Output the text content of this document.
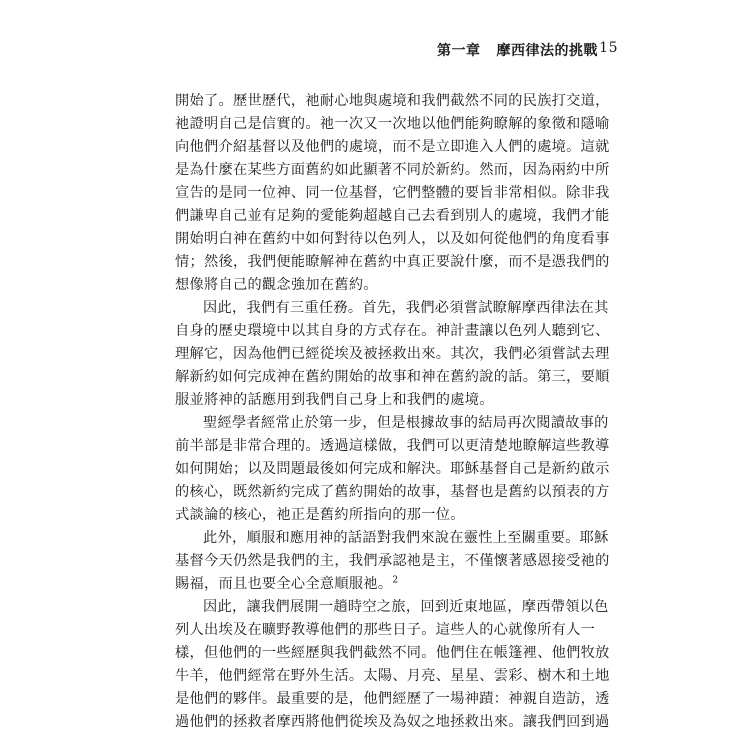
第一章 摩西律法的挑戰 15
開始了。歷世歷代，祂耐心地與處境和我們截然不同的民族打交道，
祂證明自己是信實的。祂一次又一次地以他們能夠瞭解的象徵和隱喻
向他們介紹基督以及他們的處境，而不是立即進入人們的處境。這就
是為什麼在某些方面舊約如此顯著不同於新約。然而，因為兩約中所
宣告的是同一位神、同一位基督，它們整體的要旨非常相似。除非我
們謙卑自己並有足夠的愛能夠超越自己去看到別人的處境，我們才能
開始明白神在舊約中如何對待以色列人，以及如何從他們的角度看事
情；然後，我們便能瞭解神在舊約中真正要說什麼，而不是憑我們的
想像將自己的觀念強加在舊約。
因此，我們有三重任務。首先，我們必須嘗試瞭解摩西律法在其
自身的歷史環境中以其自身的方式存在。神計畫讓以色列人聽到它、
理解它，因為他們已經從埃及被拯救出來。其次，我們必須嘗試去理
解新約如何完成神在舊約開始的故事和神在舊約說的話。第三，要順
服並將神的話應用到我們自己身上和我們的處境。
聖經學者經常止於第一步，但是根據故事的結局再次閱讀故事的
前半部是非常合理的。透過這樣做，我們可以更清楚地瞭解這些教導
如何開始；以及問題最後如何完成和解決。耶穌基督自己是新約啟示
的核心，既然新約完成了舊約開始的故事，基督也是舊約以預表的方
式談論的核心，祂正是舊約所指向的那一位。
此外，順服和應用神的話語對我們來說在靈性上至關重要。耶穌
基督今天仍然是我們的主，我們承認祂是主，不僅懷著感恩接受祂的
賜福，而且也要全心全意順服祂。$^2$
因此，讓我們展開一趟時空之旅，回到近東地區，摩西帶領以色
列人出埃及在曠野教導他們的那些日子。這些人的心就像所有人一
樣，但他們的一些經歷與我們截然不同。他們住在帳篷裡、他們牧放
牛羊，他們經常在野外生活。太陽、月亮、星星、雲彩、樹木和土地
是他們的夥伴。最重要的是，他們經歷了一場神蹟：神親自造訪，透
過他們的拯救者摩西將他們從埃及為奴之地拯救出來。讓我們回到過
